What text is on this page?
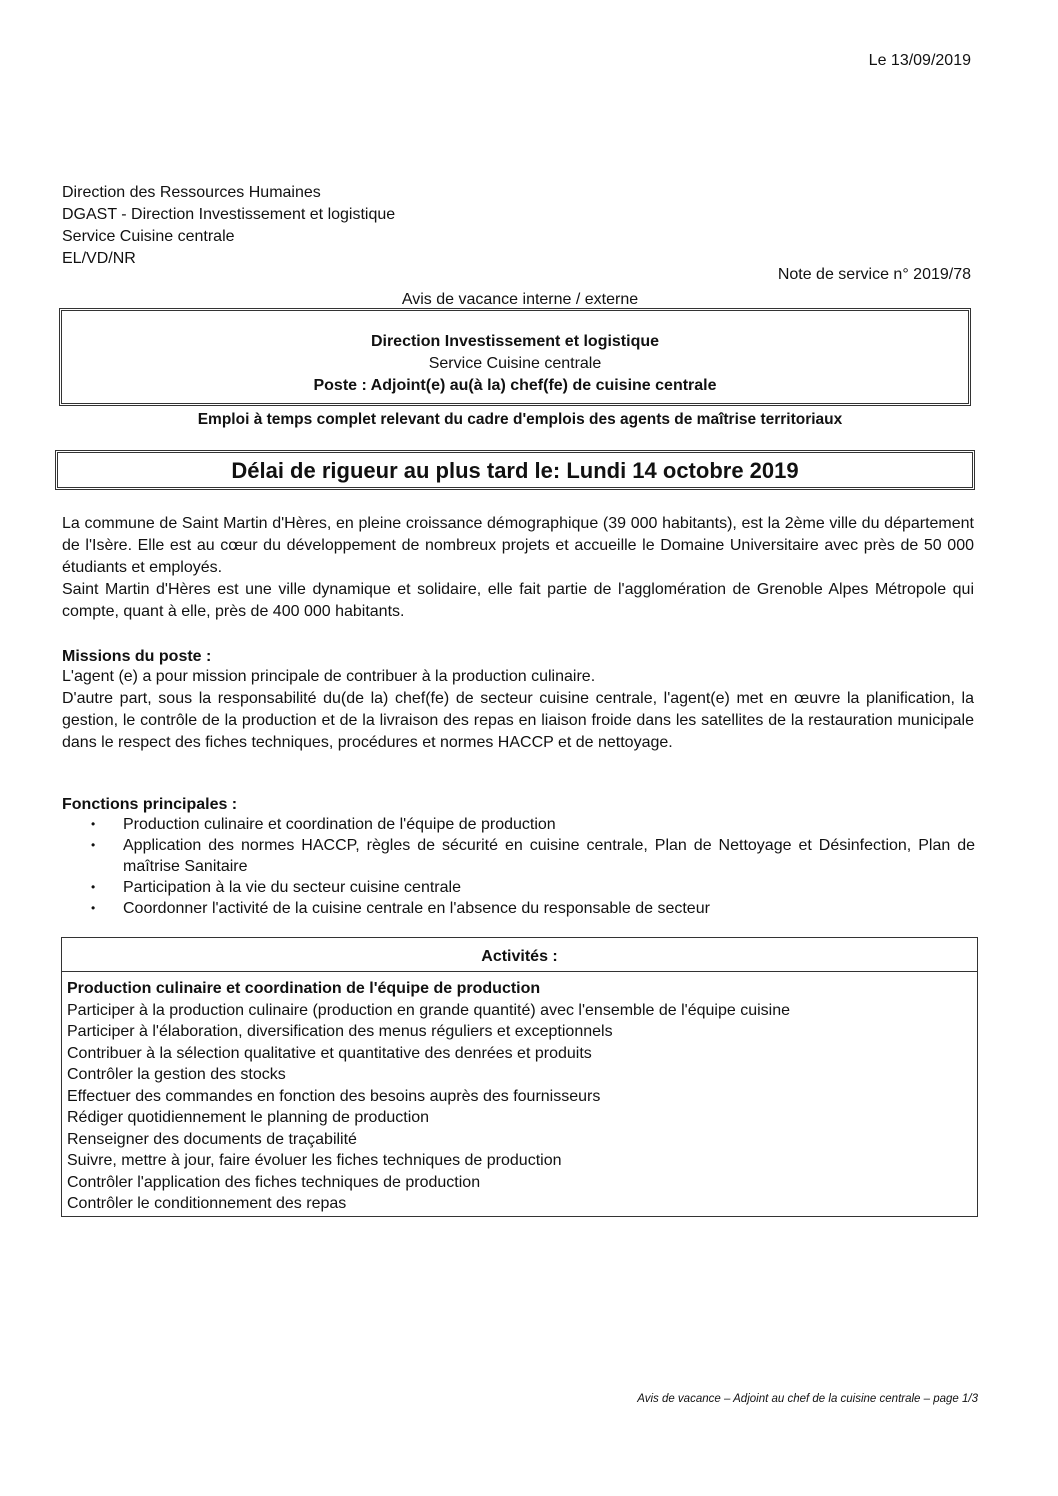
Le 13/09/2019
Direction des Ressources Humaines
DGAST - Direction Investissement et logistique
Service Cuisine centrale
EL/VD/NR
Note de service n° 2019/78
Avis de vacance interne / externe
Direction Investissement et logistique
Service Cuisine centrale
Poste : Adjoint(e) au(à la) chef(fe) de cuisine centrale
Emploi à temps complet relevant du cadre d'emplois des agents de maîtrise territoriaux
Délai de rigueur au plus tard le: Lundi 14 octobre 2019

La commune de Saint Martin d'Hères, en pleine croissance démographique (39 000 habitants), est la 2ème ville du département de l'Isère. Elle est au cœur du développement de nombreux projets et accueille le Domaine Universitaire avec près de 50 000 étudiants et employés.

Saint Martin d'Hères est une ville dynamique et solidaire, elle fait partie de l'agglomération de Grenoble Alpes Métropole qui compte, quant à elle, près de 400 000 habitants.

Missions du poste :

L'agent (e) a pour mission principale de contribuer à la production culinaire.

D'autre part, sous la responsabilité du(de la) chef(fe) de secteur cuisine centrale, l'agent(e) met en œuvre la planification, la gestion, le contrôle de la production et de la livraison des repas en liaison froide dans les satellites de la restauration municipale dans le respect des fiches techniques, procédures et normes HACCP et de nettoyage.

Fonctions principales :
• Production culinaire et coordination de l'équipe de production
• Application des normes HACCP, règles de sécurité en cuisine centrale, Plan de Nettoyage et Désinfection, Plan de maîtrise Sanitaire
• Participation à la vie du secteur cuisine centrale
• Coordonner l'activité de la cuisine centrale en l'absence du responsable de secteur
Activités :
Production culinaire et coordination de l'équipe de production
Participer à la production culinaire (production en grande quantité) avec l'ensemble de l'équipe cuisine
Participer à l'élaboration, diversification des menus réguliers et exceptionnels
Contribuer à la sélection qualitative et quantitative des denrées et produits
Contrôler la gestion des stocks
Effectuer des commandes en fonction des besoins auprès des fournisseurs
Rédiger quotidiennement le planning de production
Renseigner des documents de traçabilité
Suivre, mettre à jour, faire évoluer les fiches techniques de production
Contrôler l'application des fiches techniques de production
Contrôler le conditionnement des repas
Avis de vacance – Adjoint au chef de la cuisine centrale – page 1/3
